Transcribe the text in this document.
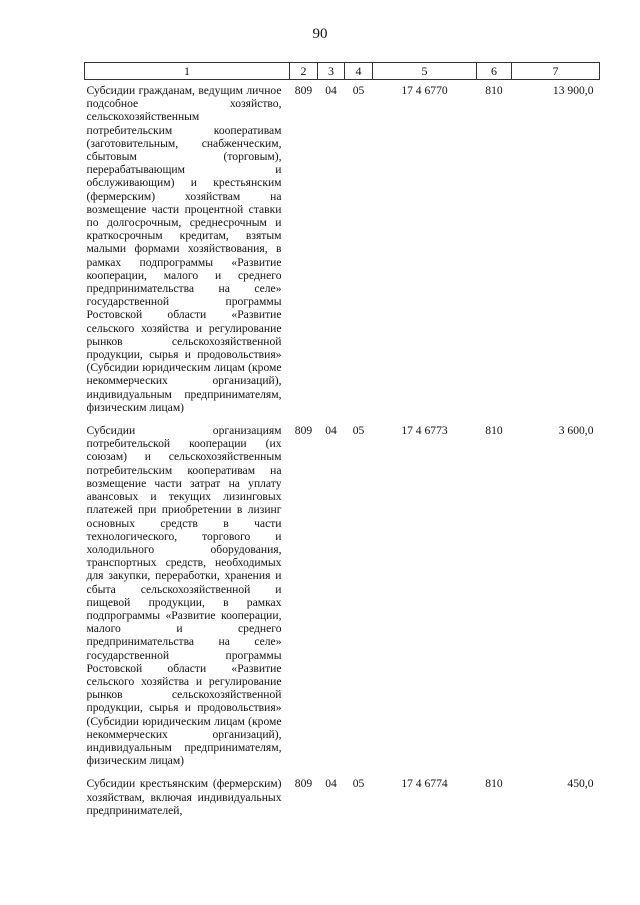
90
1	2	3	4	5	6	7
Субсидии гражданам, ведущим личное подсобное хозяйство, сельскохозяйственным потребительским кооперативам (заготовительным, снабженческим, сбытовым (торговым), перерабатывающим и обслуживающим) и крестьянским (фермерским) хозяйствам на возмещение части процентной ставки по долгосрочным, среднесрочным и краткосрочным кредитам, взятым малыми формами хозяйствования, в рамках подпрограммы «Развитие кооперации, малого и среднего предпринимательства на селе» государственной программы Ростовской области «Развитие сельского хозяйства и регулирование рынков сельскохозяйственной продукции, сырья и продовольствия» (Субсидии юридическим лицам (кроме некоммерческих организаций), индивидуальным предпринимателям, физическим лицам)	809	04	05	17 4 6770	810	13 900,0
Субсидии организациям потребительской кооперации (их союзам) и сельскохозяйственным потребительским кооперативам на возмещение части затрат на уплату авансовых и текущих лизинговых платежей при приобретении в лизинг основных средств в части технологического, торгового и холодильного оборудования, транспортных средств, необходимых для закупки, переработки, хранения и сбыта сельскохозяйственной и пищевой продукции, в рамках подпрограммы «Развитие кооперации, малого и среднего предпринимательства на селе» государственной программы Ростовской области «Развитие сельского хозяйства и регулирование рынков сельскохозяйственной продукции, сырья и продовольствия» (Субсидии юридическим лицам (кроме некоммерческих организаций), индивидуальным предпринимателям, физическим лицам)	809	04	05	17 4 6773	810	3 600,0
Субсидии крестьянским (фермерским) хозяйствам, включая индивидуальных предпринимателей,	809	04	05	17 4 6774	810	450,0
